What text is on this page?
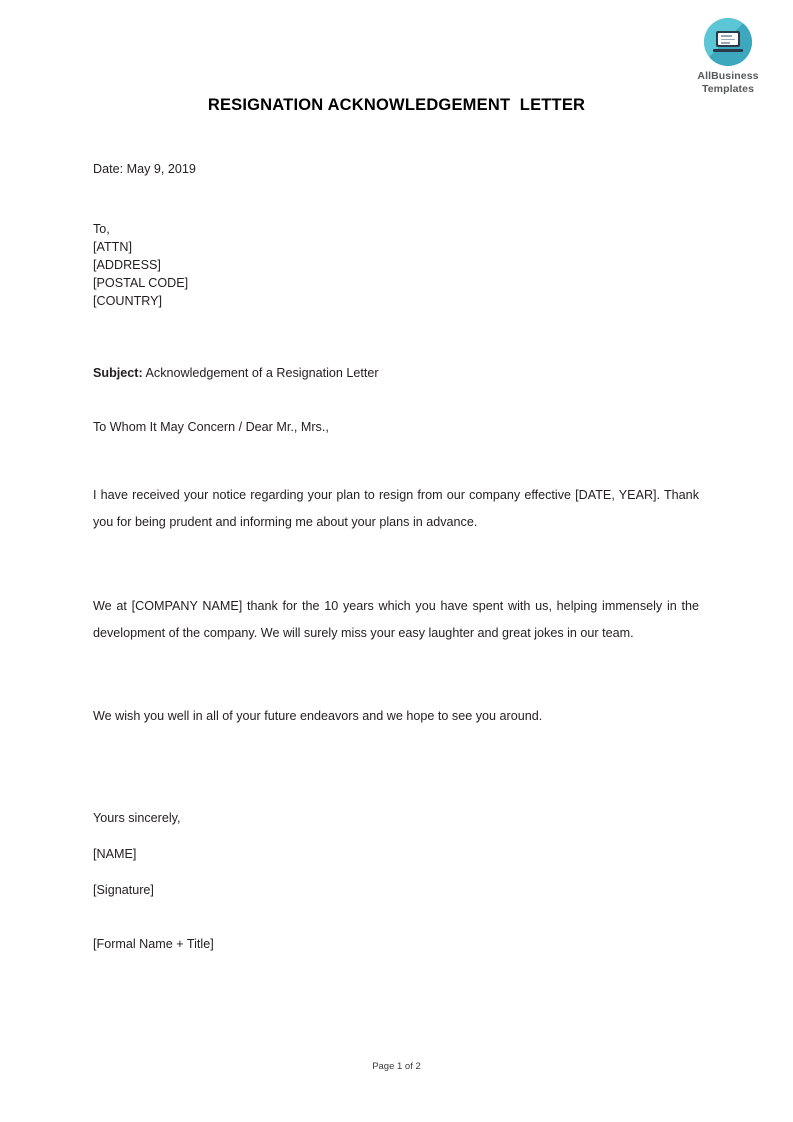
AllBusiness
Templates
RESIGNATION ACKNOWLEDGEMENT  LETTER
Date: May 9, 2019
To,
[ATTN]
[ADDRESS]
[POSTAL CODE]
[COUNTRY]
Subject: Acknowledgement of a Resignation Letter
To Whom It May Concern / Dear Mr., Mrs.,
I have received your notice regarding your plan to resign from our company effective [DATE, YEAR]. Thank you for being prudent and informing me about your plans in advance.
We at [COMPANY NAME] thank for the 10 years which you have spent with us, helping immensely in the development of the company. We will surely miss your easy laughter and great jokes in our team.
We wish you well in all of your future endeavors and we hope to see you around.
Yours sincerely,
[NAME]
[Signature]
[Formal Name + Title]
Page 1 of 2
